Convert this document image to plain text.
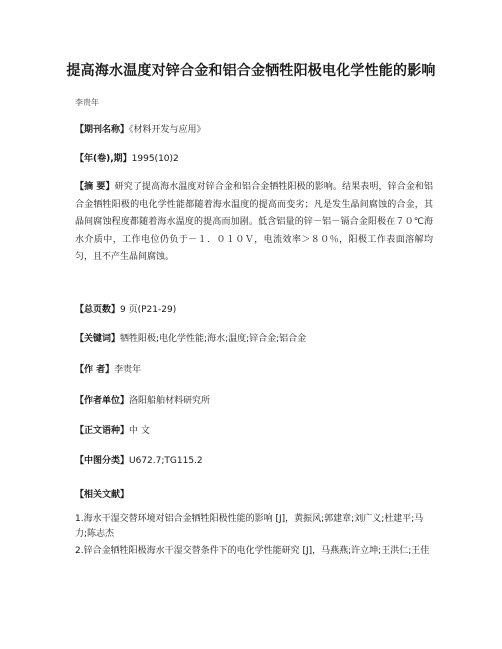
提高海水温度对锌合金和铝合金牺牲阳极电化学性能的影响
李贵年
【期刊名称】《材料开发与应用》
【年(卷),期】1995(10)2
【摘 要】研究了提高海水温度对锌合金和铝合金牺牲阳极的影响。结果表明，锌合金和铝合金牺牲阳极的电化学性能都随着海水温度的提高而变劣；凡是发生晶间腐蚀的合金，其晶间腐蚀程度都随着海水温度的提高而加剧。低含铝量的锌－铝－镉合金阳极在７０℃海水介质中，工作电位仍负于－１．０１０Ｖ，电流效率＞８０％，阳极工作表面溶解均匀，且不产生晶间腐蚀。
【总页数】9 页(P21-29)
【关键词】牺牲阳极;电化学性能;海水;温度;锌合金;铝合金
【作 者】李贵年
【作者单位】洛阳船舶材料研究所
【正文语种】中 文
【中图分类】U672.7;TG115.2
【相关文献】
1.海水干湿交替环境对铝合金牺牲阳极性能的影响 [J]，黄振风;郭建章;刘广义;杜建平;马力;陈志杰
2.锌合金牺牲阳极海水干湿交替条件下的电化学性能研究 [J]，马燕燕;许立坤;王洪仁;王佳
